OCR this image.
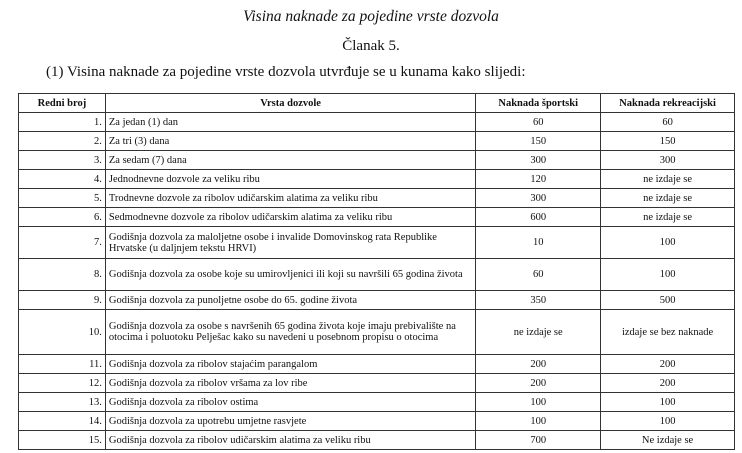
Visina naknade za pojedine vrste dozvola
Članak 5.
(1) Visina naknade za pojedine vrste dozvola utvrđuje se u kunama kako slijedi:
Redni broj	Vrsta dozvole	Naknada športski	Naknada rekreacijski
1.	Za jedan (1) dan	60	60
2.	Za tri (3) dana	150	150
3.	Za sedam (7) dana	300	300
4.	Jednodnevne dozvole za veliku ribu	120	ne izdaje se
5.	Trodnevne dozvole za ribolov udičarskim alatima za veliku ribu	300	ne izdaje se
6.	Sedmodnevne dozvole za ribolov udičarskim alatima za veliku ribu	600	ne izdaje se
7.	Godišnja dozvola za maloljetne osobe i invalide Domovinskog rata Republike Hrvatske (u daljnjem tekstu HRVI)	10	100
8.	Godišnja dozvola za osobe koje su umirovljenici ili koji su navršili 65 godina života	60	100
9.	Godišnja dozvola za punoljetne osobe do 65. godine života	350	500
10.	Godišnja dozvola za osobe s navršenih 65 godina života koje imaju prebivalište na otocima i poluotoku Pelješac kako su navedeni u posebnom propisu o otocima	ne izdaje se	izdaje se bez naknade
11.	Godišnja dozvola za ribolov stajaćim parangalom	200	200
12.	Godišnja dozvola za ribolov vršama za lov ribe	200	200
13.	Godišnja dozvola za ribolov ostima	100	100
14.	Godišnja dozvola za upotrebu umjetne rasvjete	100	100
15.	Godišnja dozvola za ribolov udičarskim alatima za veliku ribu	700	Ne izdaje se
